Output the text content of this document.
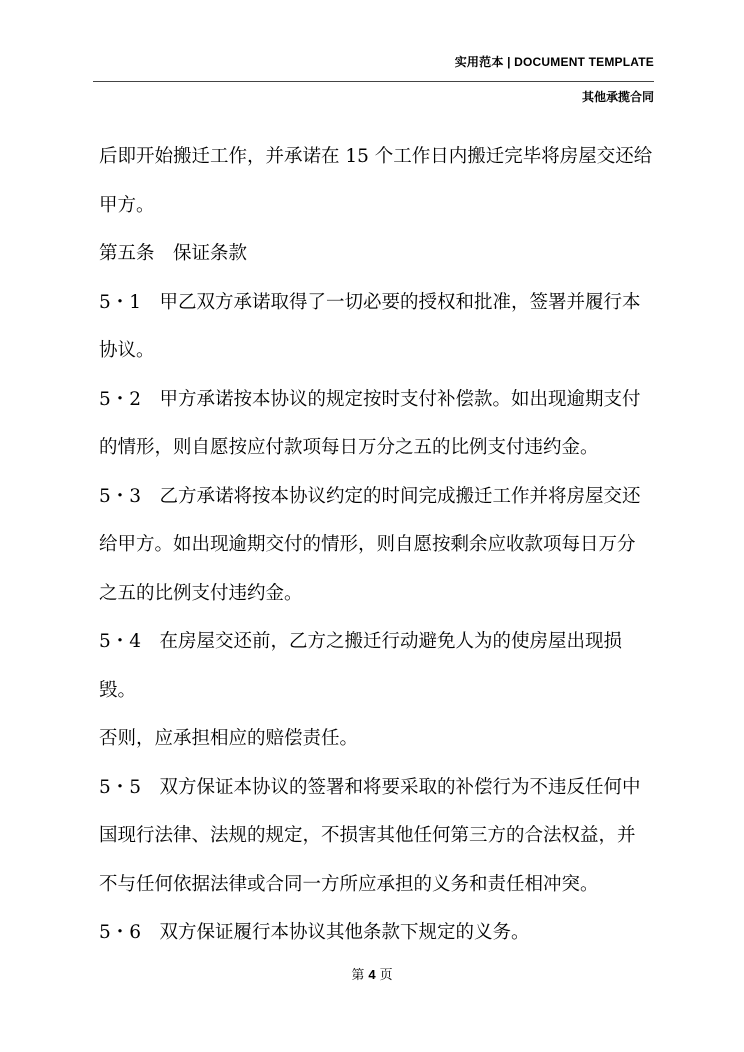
实用范本 | DOCUMENT TEMPLATE
其他承揽合同
后即开始搬迁工作，并承诺在 15 个工作日内搬迁完毕将房屋交还给
甲方。
第五条　保证条款
5・1　甲乙双方承诺取得了一切必要的授权和批准，签署并履行本
协议。
5・2　甲方承诺按本协议的规定按时支付补偿款。如出现逾期支付
的情形，则自愿按应付款项每日万分之五的比例支付违约金。
5・3　乙方承诺将按本协议约定的时间完成搬迁工作并将房屋交还
给甲方。如出现逾期交付的情形，则自愿按剩余应收款项每日万分
之五的比例支付违约金。
5・4　在房屋交还前，乙方之搬迁行动避免人为的使房屋出现损毁。
否则，应承担相应的赔偿责任。
5・5　双方保证本协议的签署和将要采取的补偿行为不违反任何中
国现行法律、法规的规定，不损害其他任何第三方的合法权益，并
不与任何依据法律或合同一方所应承担的义务和责任相冲突。
5・6　双方保证履行本协议其他条款下规定的义务。
第 4 页
